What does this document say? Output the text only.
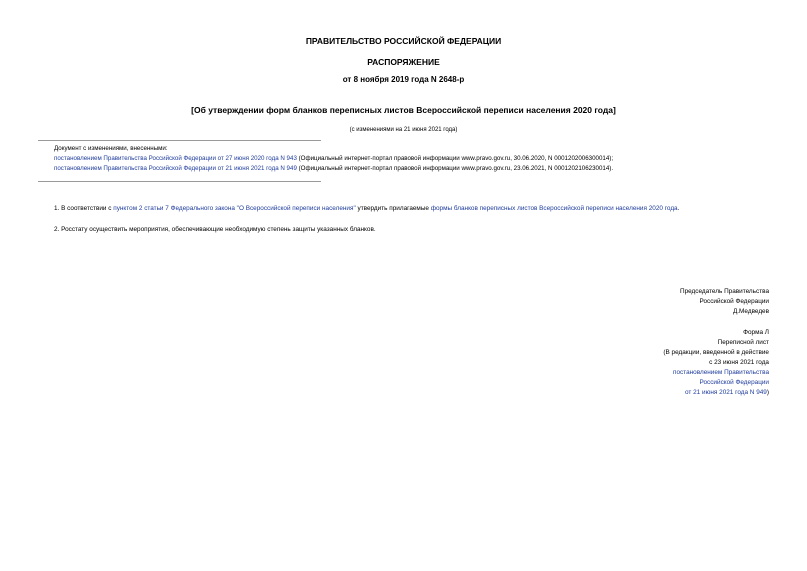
ПРАВИТЕЛЬСТВО РОССИЙСКОЙ ФЕДЕРАЦИИ
РАСПОРЯЖЕНИЕ
от 8 ноября 2019 года N 2648-р
[Об утверждении форм бланков переписных листов Всероссийской переписи населения 2020 года]
(с изменениями на 21 июня 2021 года)
Документ с изменениями, внесенными:
постановлением Правительства Российской Федерации от 27 июня 2020 года N 943 (Официальный интернет-портал правовой информации www.pravo.gov.ru, 30.06.2020, N 0001202006300014);
постановлением Правительства Российской Федерации от 21 июня 2021 года N 949 (Официальный интернет-портал правовой информации www.pravo.gov.ru, 23.06.2021, N 0001202106230014).
1. В соответствии с пунктом 2 статьи 7 Федерального закона "О Всероссийской переписи населения" утвердить прилагаемые формы бланков переписных листов Всероссийской переписи населения 2020 года.
2. Росстату осуществить мероприятия, обеспечивающие необходимую степень защиты указанных бланков.
Председатель Правительства
Российской Федерации
Д.Медведев
Форма Л
Переписной лист
(В редакции, введенной в действие
с 23 июня 2021 года
постановлением Правительства
Российской Федерации
от 21 июня 2021 года N 949)
